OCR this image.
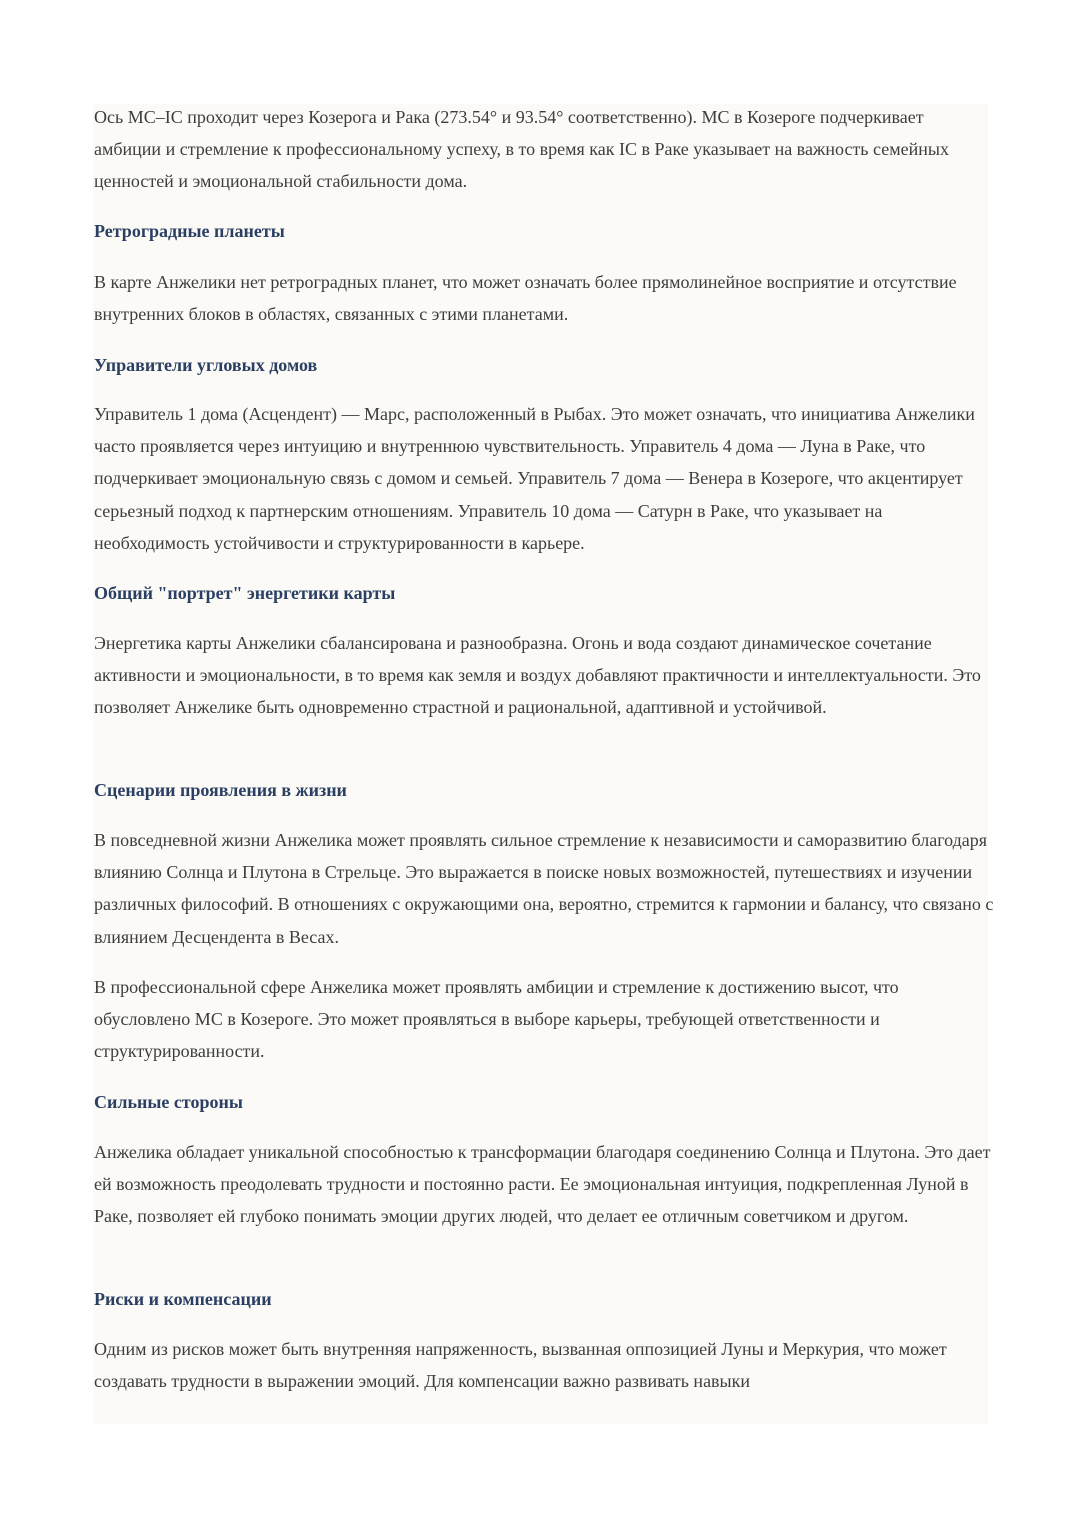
Ось MC–IC проходит через Козерога и Рака (273.54° и 93.54° соответственно). MC в Козероге подчеркивает амбиции и стремление к профессиональному успеху, в то время как IC в Раке указывает на важность семейных ценностей и эмоциональной стабильности дома.

Ретроградные планеты

В карте Анжелики нет ретроградных планет, что может означать более прямолинейное восприятие и отсутствие внутренних блоков в областях, связанных с этими планетами.

Управители угловых домов

Управитель 1 дома (Асцендент) — Марс, расположенный в Рыбах. Это может означать, что инициатива Анжелики часто проявляется через интуицию и внутреннюю чувствительность. Управитель 4 дома — Луна в Раке, что подчеркивает эмоциональную связь с домом и семьей. Управитель 7 дома — Венера в Козероге, что акцентирует серьезный подход к партнерским отношениям. Управитель 10 дома — Сатурн в Раке, что указывает на необходимость устойчивости и структурированности в карьере.

Общий "портрет" энергетики карты

Энергетика карты Анжелики сбалансирована и разнообразна. Огонь и вода создают динамическое сочетание активности и эмоциональности, в то время как земля и воздух добавляют практичности и интеллектуальности. Это позволяет Анжелике быть одновременно страстной и рациональной, адаптивной и устойчивой.

Сценарии проявления в жизни

В повседневной жизни Анжелика может проявлять сильное стремление к независимости и саморазвитию благодаря влиянию Солнца и Плутона в Стрельце. Это выражается в поиске новых возможностей, путешествиях и изучении различных философий. В отношениях с окружающими она, вероятно, стремится к гармонии и балансу, что связано с влиянием Десцендента в Весах.

В профессиональной сфере Анжелика может проявлять амбиции и стремление к достижению высот, что обусловлено MC в Козероге. Это может проявляться в выборе карьеры, требующей ответственности и структурированности.

Сильные стороны

Анжелика обладает уникальной способностью к трансформации благодаря соединению Солнца и Плутона. Это дает ей возможность преодолевать трудности и постоянно расти. Ее эмоциональная интуиция, подкрепленная Луной в Раке, позволяет ей глубоко понимать эмоции других людей, что делает ее отличным советчиком и другом.

Риски и компенсации

Одним из рисков может быть внутренняя напряженность, вызванная оппозицией Луны и Меркурия, что может создавать трудности в выражении эмоций. Для компенсации важно развивать навыки
